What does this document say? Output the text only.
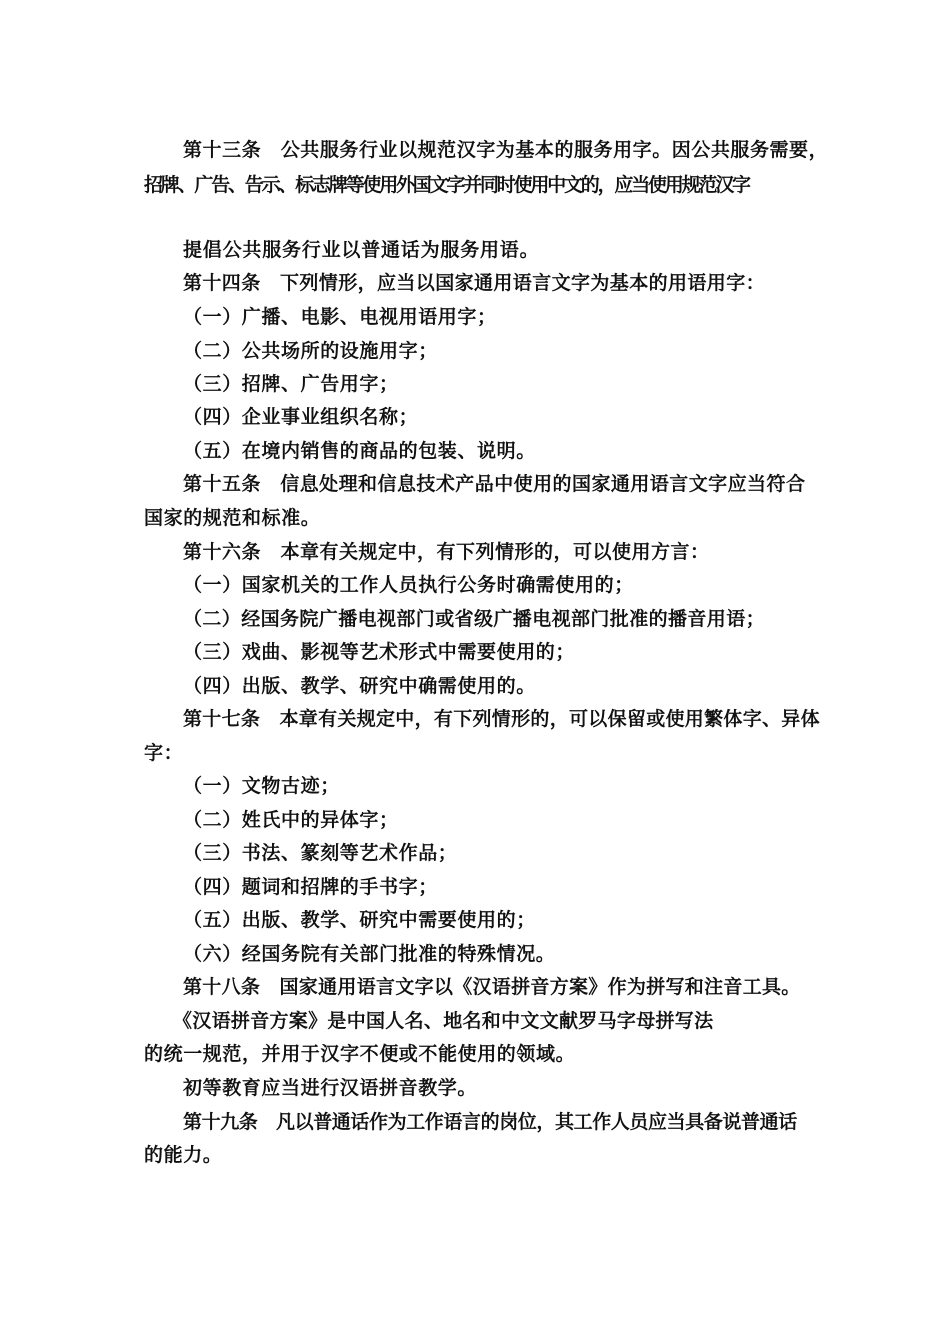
第十三条　公共服务行业以规范汉字为基本的服务用字。因公共服务需要，

招牌、广告、告示、标志牌等使用外国文字并同时使用中文的，应当使用规范汉字

提倡公共服务行业以普通话为服务用语。

第十四条　下列情形，应当以国家通用语言文字为基本的用语用字：

（一）广播、电影、电视用语用字；

（二）公共场所的设施用字；

（三）招牌、广告用字；

（四）企业事业组织名称；

（五）在境内销售的商品的包装、说明。

第十五条　信息处理和信息技术产品中使用的国家通用语言文字应当符合

国家的规范和标准。

第十六条　本章有关规定中，有下列情形的，可以使用方言：

（一）国家机关的工作人员执行公务时确需使用的；

（二）经国务院广播电视部门或省级广播电视部门批准的播音用语；

（三）戏曲、影视等艺术形式中需要使用的；

（四）出版、教学、研究中确需使用的。

第十七条　本章有关规定中，有下列情形的，可以保留或使用繁体字、异体

字：

（一）文物古迹；

（二）姓氏中的异体字；

（三）书法、篆刻等艺术作品；

（四）题词和招牌的手书字；

（五）出版、教学、研究中需要使用的；

（六）经国务院有关部门批准的特殊情况。

第十八条　国家通用语言文字以《汉语拼音方案》作为拼写和注音工具。

《汉语拼音方案》是中国人名、地名和中文文献罗马字母拼写法

的统一规范，并用于汉字不便或不能使用的领域。

初等教育应当进行汉语拼音教学。

第十九条　凡以普通话作为工作语言的岗位，其工作人员应当具备说普通话

的能力。
